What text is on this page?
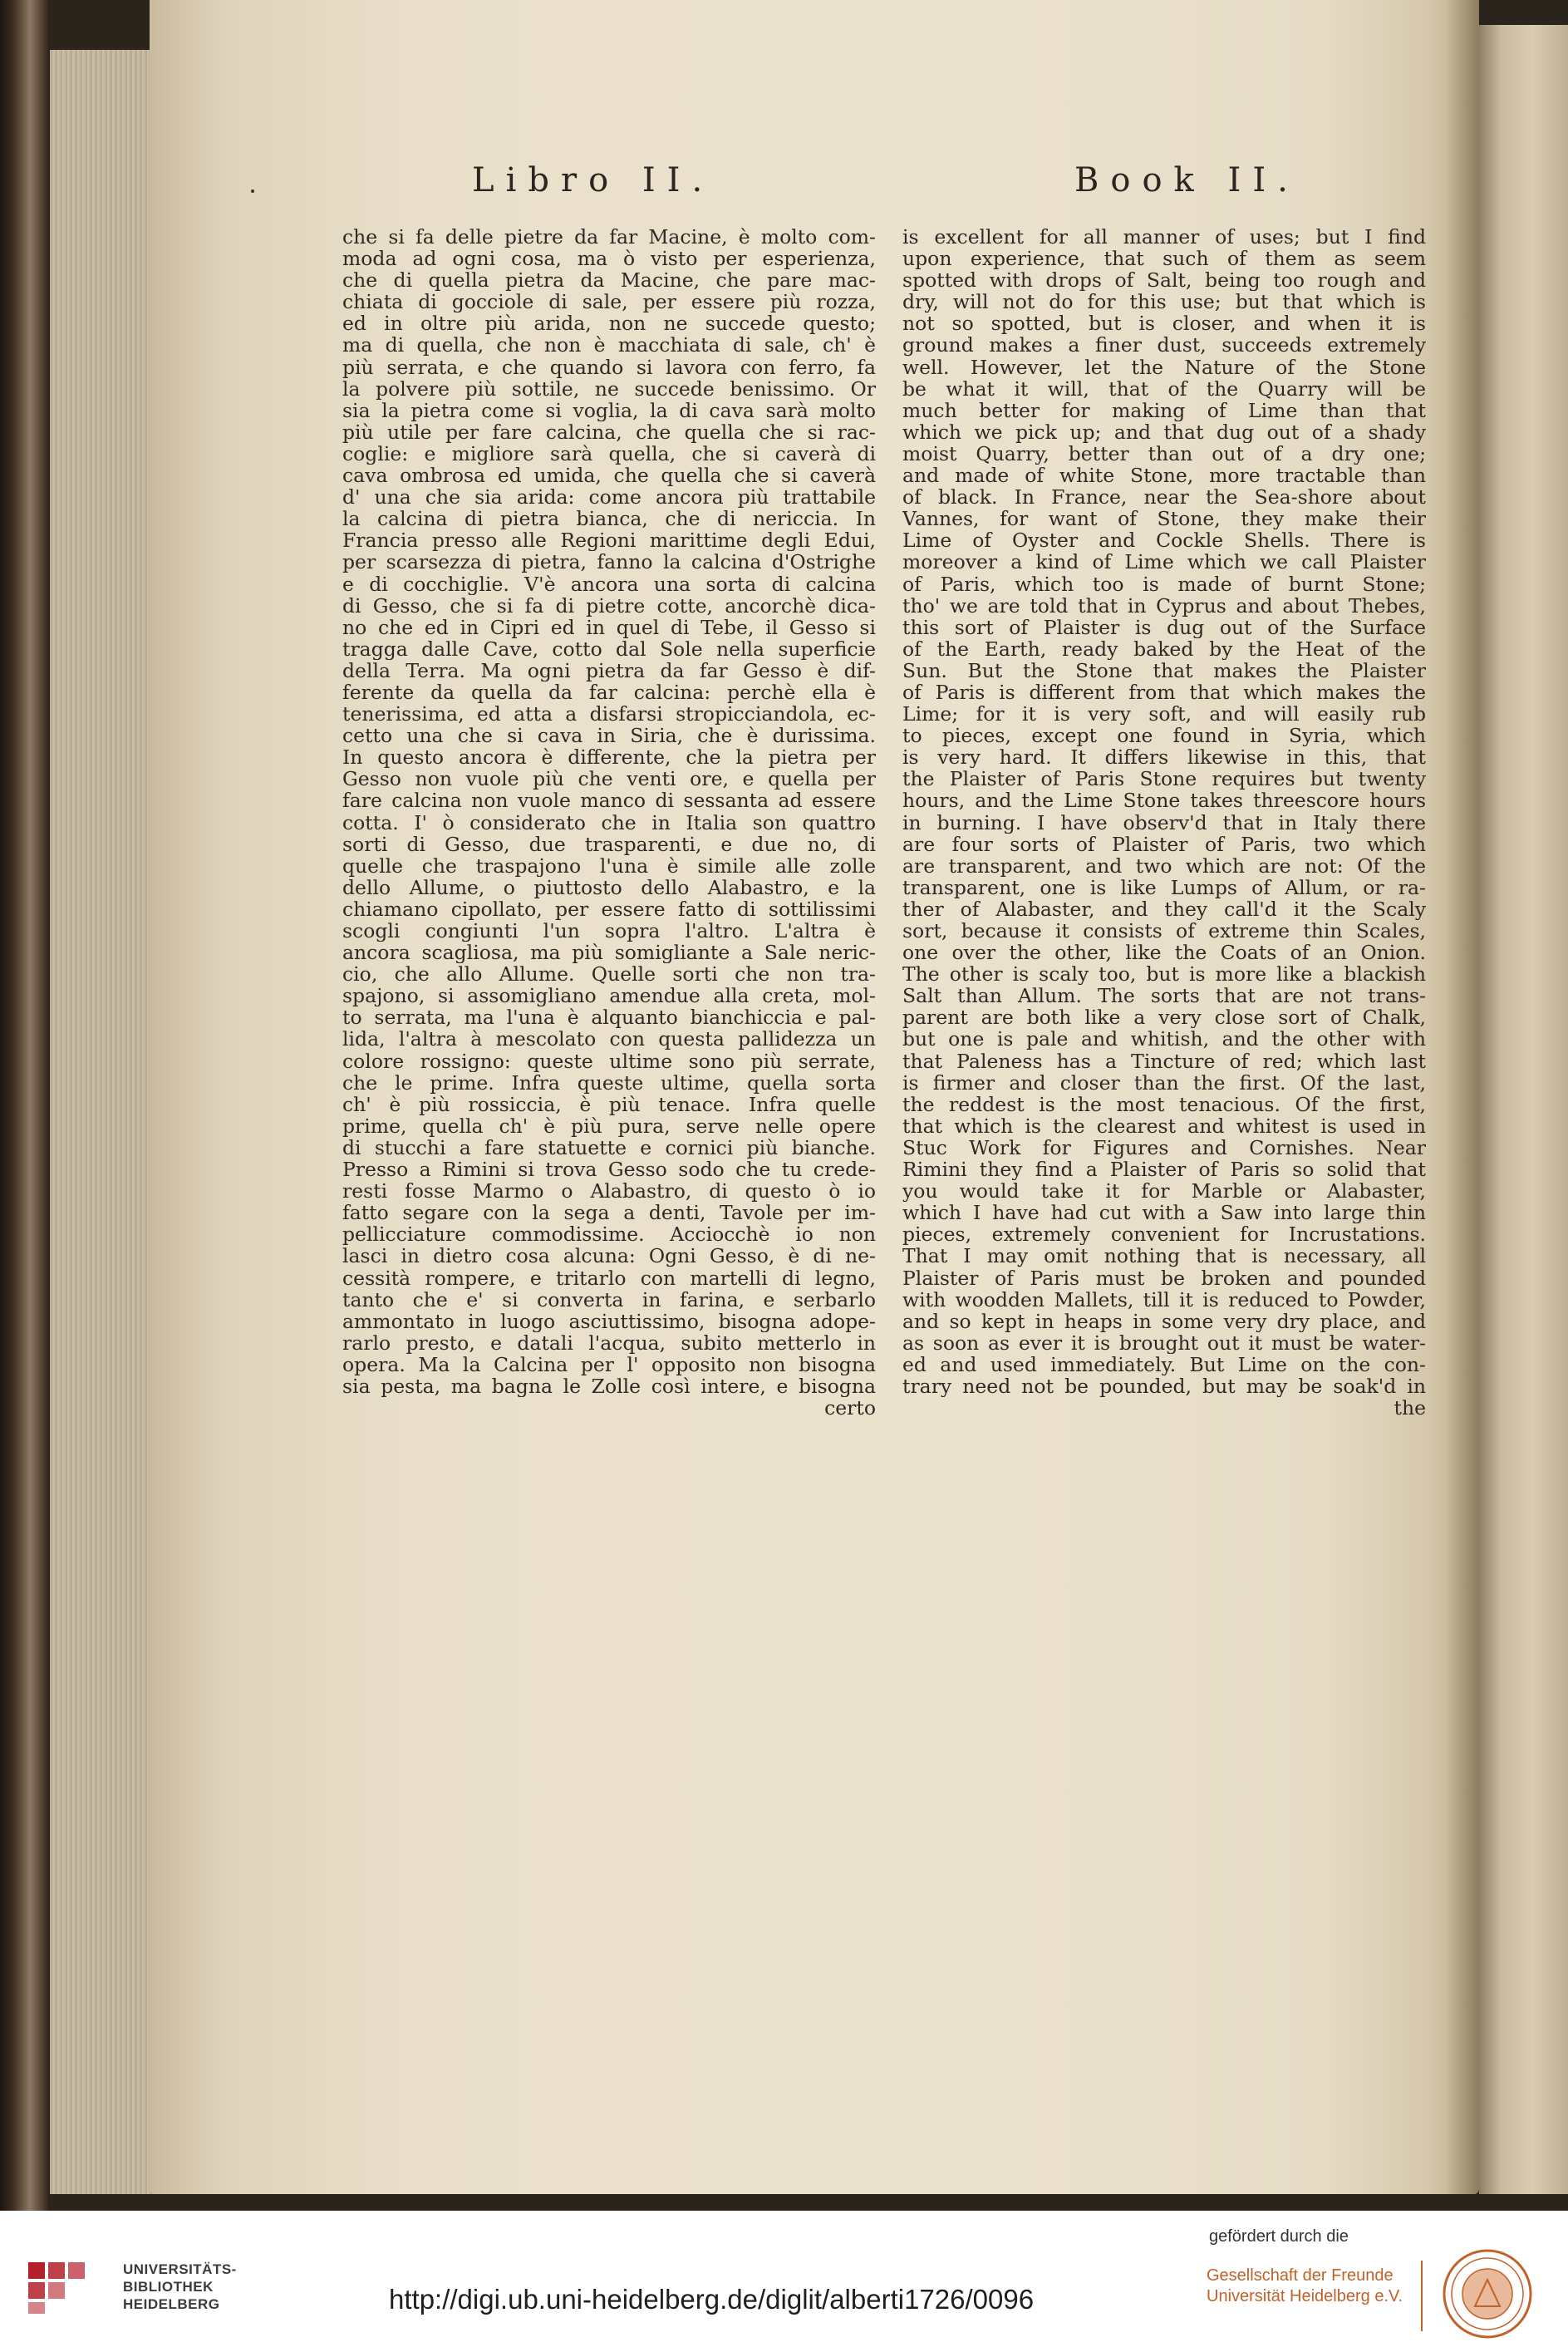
Libro II.	Book II.
che si fa delle pietre da far Macine, è molto com-
moda ad ogni cosa, ma ò visto per esperienza,
che di quella pietra da Macine, che pare mac-
chiata di gocciole di sale, per essere più rozza,
ed in oltre più arida, non ne succede questo;
ma di quella, che non è macchiata di sale, ch' è
più serrata, e che quando si lavora con ferro, fa
la polvere più sottile, ne succede benissimo. Or
sia la pietra come si voglia, la di cava sarà molto
più utile per fare calcina, che quella che si rac-
coglie: e migliore sarà quella, che si caverà di
cava ombrosa ed umida, che quella che si caverà
d' una che sia arida: come ancora più trattabile
la calcina di pietra bianca, che di nericcia. In
Francia presso alle Regioni marittime degli Edui,
per scarsezza di pietra, fanno la calcina d'Ostrighe
e di cocchiglie. V'è ancora una sorta di calcina
di Gesso, che si fa di pietre cotte, ancorchè dica-
no che ed in Cipri ed in quel di Tebe, il Gesso si
tragga dalle Cave, cotto dal Sole nella superficie
della Terra. Ma ogni pietra da far Gesso è dif-
ferente da quella da far calcina: perchè ella è
tenerissima, ed atta a disfarsi stropicciandola, ec-
cetto una che si cava in Siria, che è durissima.
In questo ancora è differente, che la pietra per
Gesso non vuole più che venti ore, e quella per
fare calcina non vuole manco di sessanta ad essere
cotta. I' ò considerato che in Italia son quattro
sorti di Gesso, due trasparenti, e due no, di
quelle che traspajono l'una è simile alle zolle
dello Allume, o piuttosto dello Alabastro, e la
chiamano cipollato, per essere fatto di sottilissimi
scogli congiunti l'un sopra l'altro. L'altra è
ancora scagliosa, ma più somigliante a Sale neric-
cio, che allo Allume. Quelle sorti che non tra-
spajono, si assomigliano amendue alla creta, mol-
to serrata, ma l'una è alquanto bianchiccia e pal-
lida, l'altra à mescolato con questa pallidezza un
colore rossigno: queste ultime sono più serrate,
che le prime. Infra queste ultime, quella sorta
ch' è più rossiccia, è più tenace. Infra quelle
prime, quella ch' è più pura, serve nelle opere
di stucchi a fare statuette e cornici più bianche.
Presso a Rimini si trova Gesso sodo che tu crede-
resti fosse Marmo o Alabastro, di questo ò io
fatto segare con la sega a denti, Tavole per im-
pellicciature commodissime. Acciocchè io non
lasci in dietro cosa alcuna: Ogni Gesso, è di ne-
cessità rompere, e tritarlo con martelli di legno,
tanto che e' si converta in farina, e serbarlo
ammontato in luogo asciuttissimo, bisogna adope-
rarlo presto, e datali l'acqua, subito metterlo in
opera. Ma la Calcina per l' opposito non bisogna
sia pesta, ma bagna le Zolle così intere, e bisogna
certo
is excellent for all manner of uses; but I find
upon experience, that such of them as seem
spotted with drops of Salt, being too rough and
dry, will not do for this use; but that which is
not so spotted, but is closer, and when it is
ground makes a finer dust, succeeds extremely
well. However, let the Nature of the Stone
be what it will, that of the Quarry will be
much better for making of Lime than that
which we pick up; and that dug out of a shady
moist Quarry, better than out of a dry one;
and made of white Stone, more tractable than
of black. In France, near the Sea-shore about
Vannes, for want of Stone, they make their
Lime of Oyster and Cockle Shells. There is
moreover a kind of Lime which we call Plaister
of Paris, which too is made of burnt Stone;
tho' we are told that in Cyprus and about Thebes,
this sort of Plaister is dug out of the Surface
of the Earth, ready baked by the Heat of the
Sun. But the Stone that makes the Plaister
of Paris is different from that which makes the
Lime; for it is very soft, and will easily rub
to pieces, except one found in Syria, which
is very hard. It differs likewise in this, that
the Plaister of Paris Stone requires but twenty
hours, and the Lime Stone takes threescore hours
in burning. I have observ'd that in Italy there
are four sorts of Plaister of Paris, two which
are transparent, and two which are not: Of the
transparent, one is like Lumps of Allum, or ra-
ther of Alabaster, and they call'd it the Scaly
sort, because it consists of extreme thin Scales,
one over the other, like the Coats of an Onion.
The other is scaly too, but is more like a blackish
Salt than Allum. The sorts that are not trans-
parent are both like a very close sort of Chalk,
but one is pale and whitish, and the other with
that Paleness has a Tincture of red; which last
is firmer and closer than the first. Of the last,
the reddest is the most tenacious. Of the first,
that which is the clearest and whitest is used in
Stuc Work for Figures and Cornishes. Near
Rimini they find a Plaister of Paris so solid that
you would take it for Marble or Alabaster,
which I have had cut with a Saw into large thin
pieces, extremely convenient for Incrustations.
That I may omit nothing that is necessary, all
Plaister of Paris must be broken and pounded
with woodden Mallets, till it is reduced to Powder,
and so kept in heaps in some very dry place, and
as soon as ever it is brought out it must be water-
ed and used immediately. But Lime on the con-
trary need not be pounded, but may be soak'd in
the
UNIVERSITÄTS-
BIBLIOTHEK
HEIDELBERG	http://digi.ub.uni-heidelberg.de/diglit/alberti1726/0096
gefördert durch die
Gesellschaft der Freunde
Universität Heidelberg e.V.
